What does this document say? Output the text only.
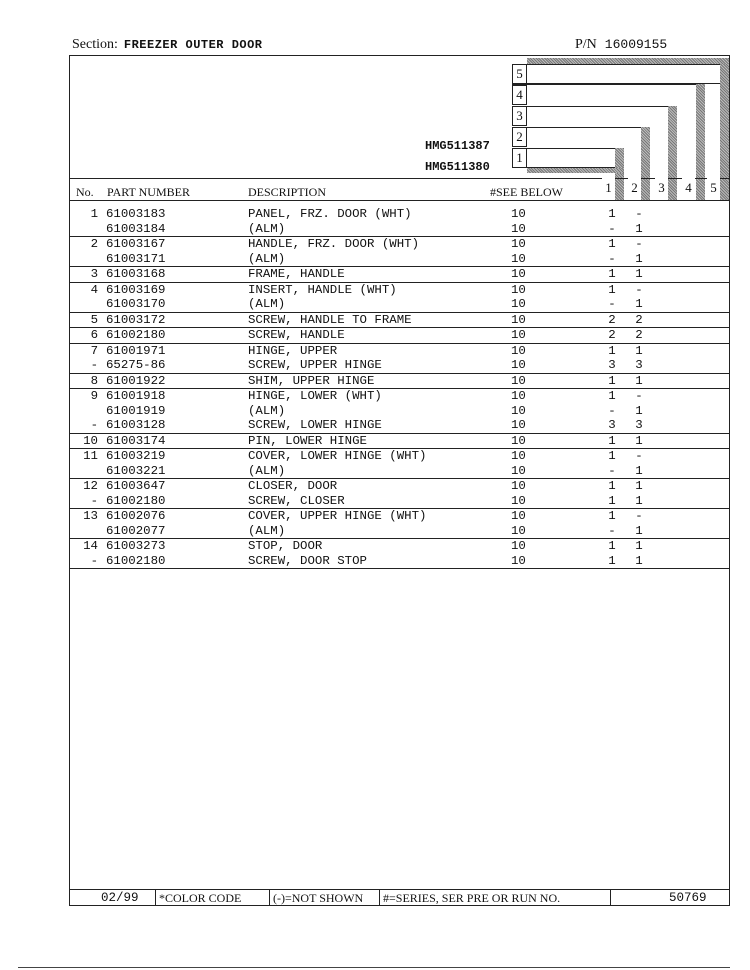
Section: FREEZER OUTER DOOR	P/N 16009155
5
4
3
2
1
HMG511387
HMG511380
No. PART NUMBER	DESCRIPTION	#SEE BELOW	1 2 3 4 5
1 61003183	PANEL, FRZ. DOOR (WHT)	10	1 -
61003184	(ALM)	10	- 1
2 61003167	HANDLE, FRZ. DOOR (WHT)	10	1 -
61003171	(ALM)	10	- 1
3 61003168	FRAME, HANDLE	10	1 1
4 61003169	INSERT, HANDLE (WHT)	10	1 -
61003170	(ALM)	10	- 1
5 61003172	SCREW, HANDLE TO FRAME	10	2 2
6 61002180	SCREW, HANDLE	10	2 2
7 61001971	HINGE, UPPER	10	1 1
- 65275-86	SCREW, UPPER HINGE	10	3 3
8 61001922	SHIM, UPPER HINGE	10	1 1
9 61001918	HINGE, LOWER (WHT)	10	1 -
61001919	(ALM)	10	- 1
- 61003128	SCREW, LOWER HINGE	10	3 3
10 61003174	PIN, LOWER HINGE	10	1 1
11 61003219	COVER, LOWER HINGE (WHT)	10	1 -
61003221	(ALM)	10	- 1
12 61003647	CLOSER, DOOR	10	1 1
- 61002180	SCREW, CLOSER	10	1 1
13 61002076	COVER, UPPER HINGE (WHT)	10	1 -
61002077	(ALM)	10	- 1
14 61003273	STOP, DOOR	10	1 1
- 61002180	SCREW, DOOR STOP	10	1 1
02/99 *COLOR CODE	(-)=NOT SHOWN #=SERIES, SER PRE OR RUN NO.	50769
